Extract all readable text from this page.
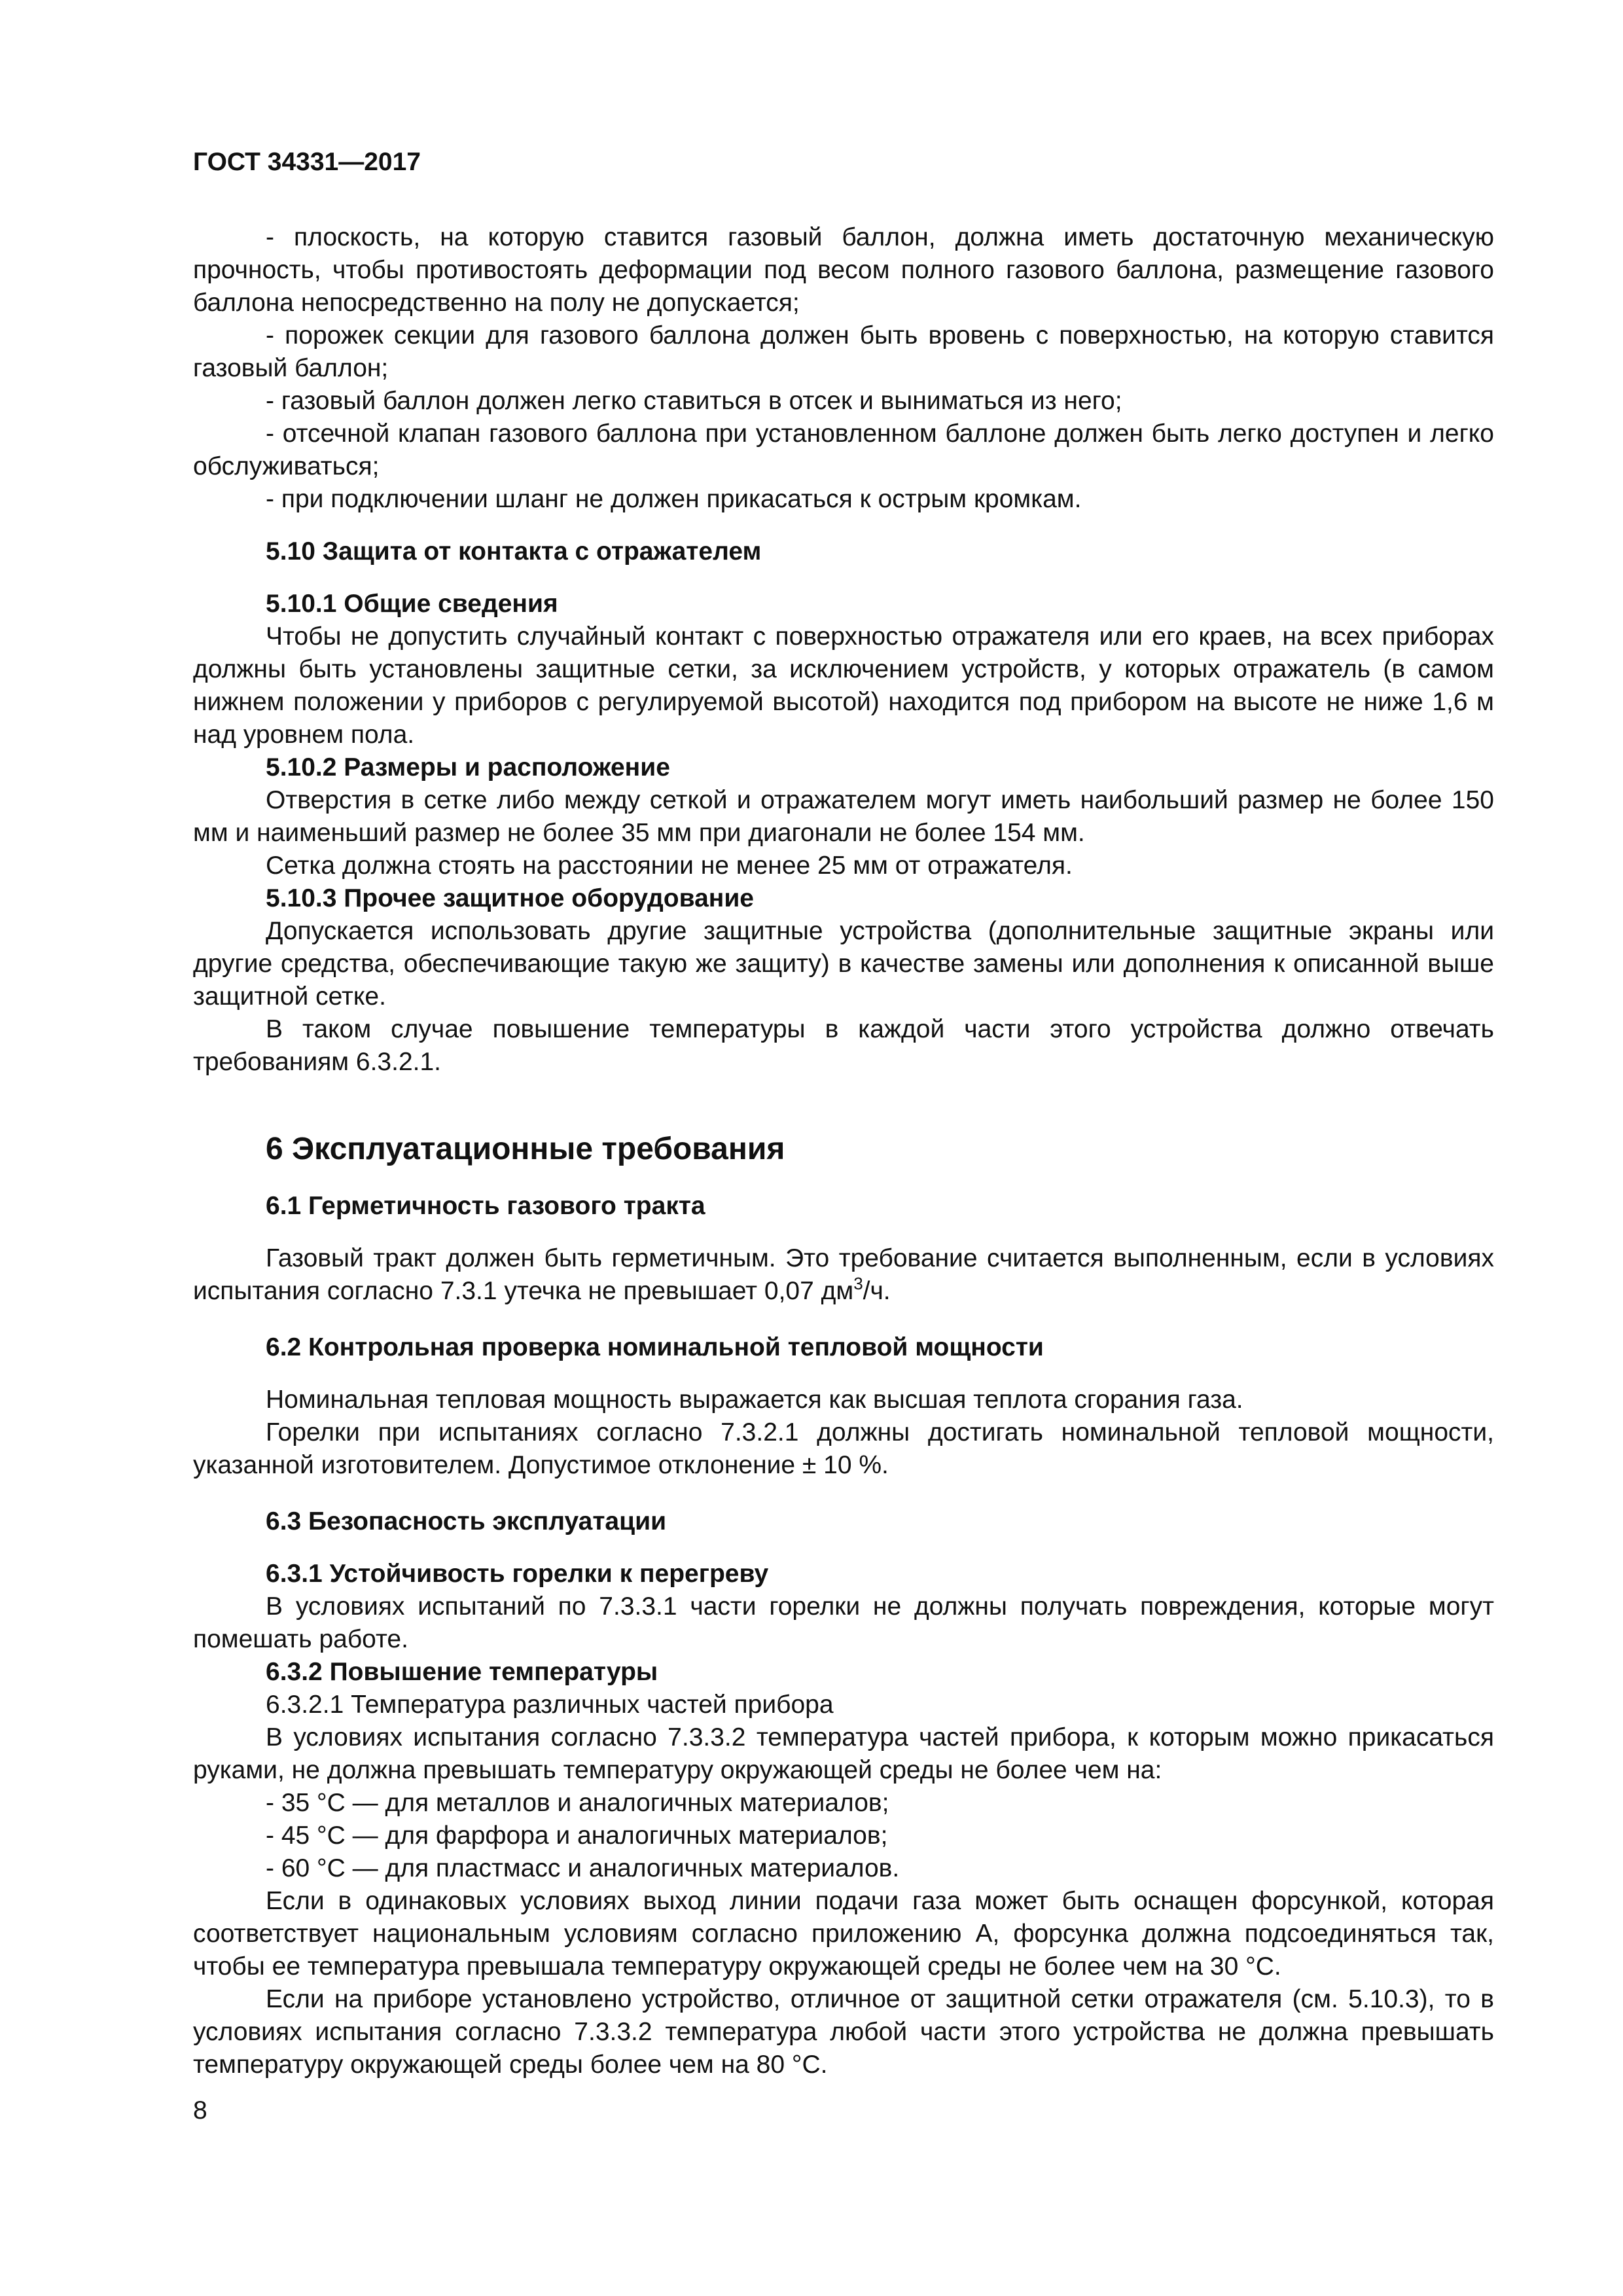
ГОСТ 34331—2017

- плоскость, на которую ставится газовый баллон, должна иметь достаточную механическую прочность, чтобы противостоять деформации под весом полного газового баллона, размещение газового баллона непосредственно на полу не допускается;

- порожек секции для газового баллона должен быть вровень с поверхностью, на которую ставится газовый баллон;

- газовый баллон должен легко ставиться в отсек и выниматься из него;

- отсечной клапан газового баллона при установленном баллоне должен быть легко доступен и легко обслуживаться;

- при подключении шланг не должен прикасаться к острым кромкам.

5.10 Защита от контакта с отражателем
5.10.1 Общие сведения

Чтобы не допустить случайный контакт с поверхностью отражателя или его краев, на всех приборах должны быть установлены защитные сетки, за исключением устройств, у которых отражатель (в самом нижнем положении у приборов с регулируемой высотой) находится под прибором на высоте не ниже 1,6 м над уровнем пола.

5.10.2 Размеры и расположение

Отверстия в сетке либо между сеткой и отражателем могут иметь наибольший размер не более 150 мм и наименьший размер не более 35 мм при диагонали не более 154 мм.

Сетка должна стоять на расстоянии не менее 25 мм от отражателя.

5.10.3 Прочее защитное оборудование

Допускается использовать другие защитные устройства (дополнительные защитные экраны или другие средства, обеспечивающие такую же защиту) в качестве замены или дополнения к описанной выше защитной сетке.

В таком случае повышение температуры в каждой части этого устройства должно отвечать требованиям 6.3.2.1.

6 Эксплуатационные требования
6.1 Герметичность газового тракта

Газовый тракт должен быть герметичным. Это требование считается выполненным, если в условиях испытания согласно 7.3.1 утечка не превышает 0,07 $дм^3/ч$.

6.2 Контрольная проверка номинальной тепловой мощности

Номинальная тепловая мощность выражается как высшая теплота сгорания газа.

Горелки при испытаниях согласно 7.3.2.1 должны достигать номинальной тепловой мощности, указанной изготовителем. Допустимое отклонение ± 10 %.

6.3 Безопасность эксплуатации
6.3.1 Устойчивость горелки к перегреву

В условиях испытаний по 7.3.3.1 части горелки не должны получать повреждения, которые могут помешать работе.

6.3.2 Повышение температуры

6.3.2.1 Температура различных частей прибора

В условиях испытания согласно 7.3.3.2 температура частей прибора, к которым можно прикасаться руками, не должна превышать температуру окружающей среды не более чем на:

- 35 °С — для металлов и аналогичных материалов;

- 45 °С — для фарфора и аналогичных материалов;

- 60 °С — для пластмасс и аналогичных материалов.

Если в одинаковых условиях выход линии подачи газа может быть оснащен форсункой, которая соответствует национальным условиям согласно приложению А, форсунка должна подсоединяться так, чтобы ее температура превышала температуру окружающей среды не более чем на 30 °С.

Если на приборе установлено устройство, отличное от защитной сетки отражателя (см. 5.10.3), то в условиях испытания согласно 7.3.3.2 температура любой части этого устройства не должна превышать температуру окружающей среды более чем на 80 °С.

8
